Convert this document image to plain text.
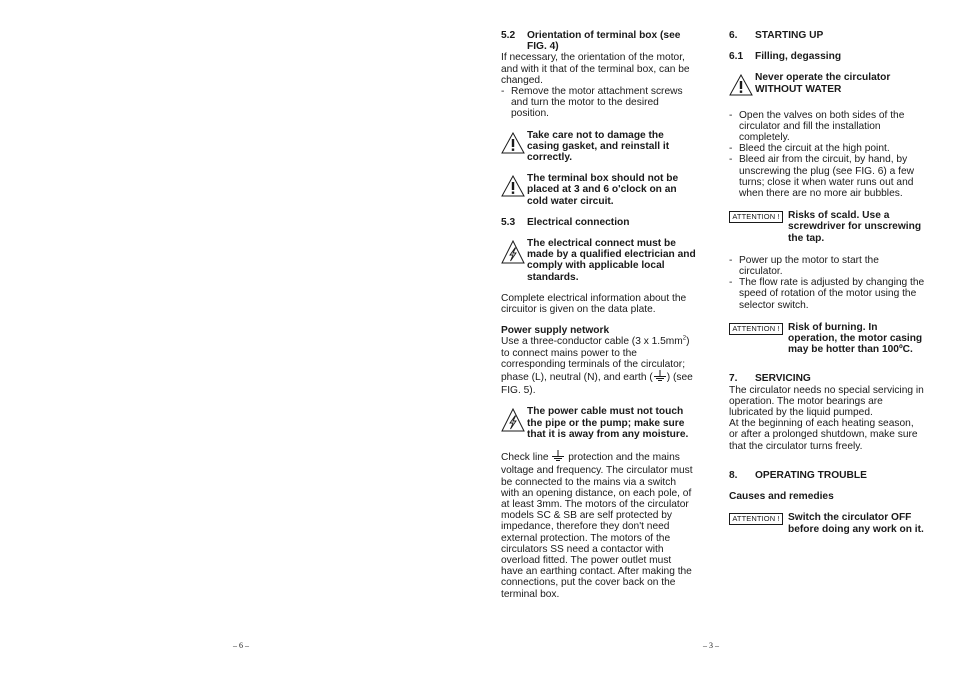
5.2	Orientation of terminal box (see FIG. 4)

If necessary, the orientation of the motor, and with it that of the terminal box, can be changed.

- Remove the motor attachment screws and turn the motor to the desired position.
Take care not to damage the casing gasket, and reinstall it correctly.
The terminal box should not be placed at 3 and 6 o'clock on an cold water circuit.
5.3	Electrical connection
The electrical connect must be made by a qualified electrician and comply with applicable local standards.

Complete electrical information about the circuitor is given on the data plate.

Power supply network

Use a three-conductor cable (3 x $1.5mm^2$) to connect mains power to the corresponding terminals of the circulator; phase (L), neutral (N), and earth ( ) (see FIG. 5).

The power cable must not touch the pipe or the pump; make sure that it is away from any moisture.

Check line protection and the mains voltage and frequency. The circulator must be connected to the mains via a switch with an opening distance, on each pole, of at least 3mm. The motors of the circulator models SC & SB are self protected by impedance, therefore they don't need external protection. The motors of the circulators SS need a contactor with overload fitted. The power outlet must have an earthing contact. After making the connections, put the cover back on the terminal box.

6.	STARTING UP
6.1	Filling, degassing
Never operate the circulator WITHOUT WATER
- Open the valves on both sides of the circulator and fill the installation completely.
- Bleed the circuit at the high point.
- Bleed air from the circuit, by hand, by unscrewing the plug (see FIG. 6) a few turns; close it when water runs out and when there are no more air bubbles.
ATTENTION ! Risks of scald. Use a screwdriver for unscrewing the tap.
- Power up the motor to start the circulator.
- The flow rate is adjusted by changing the speed of rotation of the motor using the selector switch.
ATTENTION ! Risk of burning. In operation, the motor casing may be hotter than 100ºC.
7.	SERVICING

The circulator needs no special servicing in operation. The motor bearings are lubricated by the liquid pumped.

At the beginning of each heating season, or after a prolonged shutdown, make sure that the circulator turns freely.

8.	OPERATING TROUBLE

Causes and remedies

ATTENTION ! Switch the circulator OFF before doing any work on it.
– 6 –	– 3 –
